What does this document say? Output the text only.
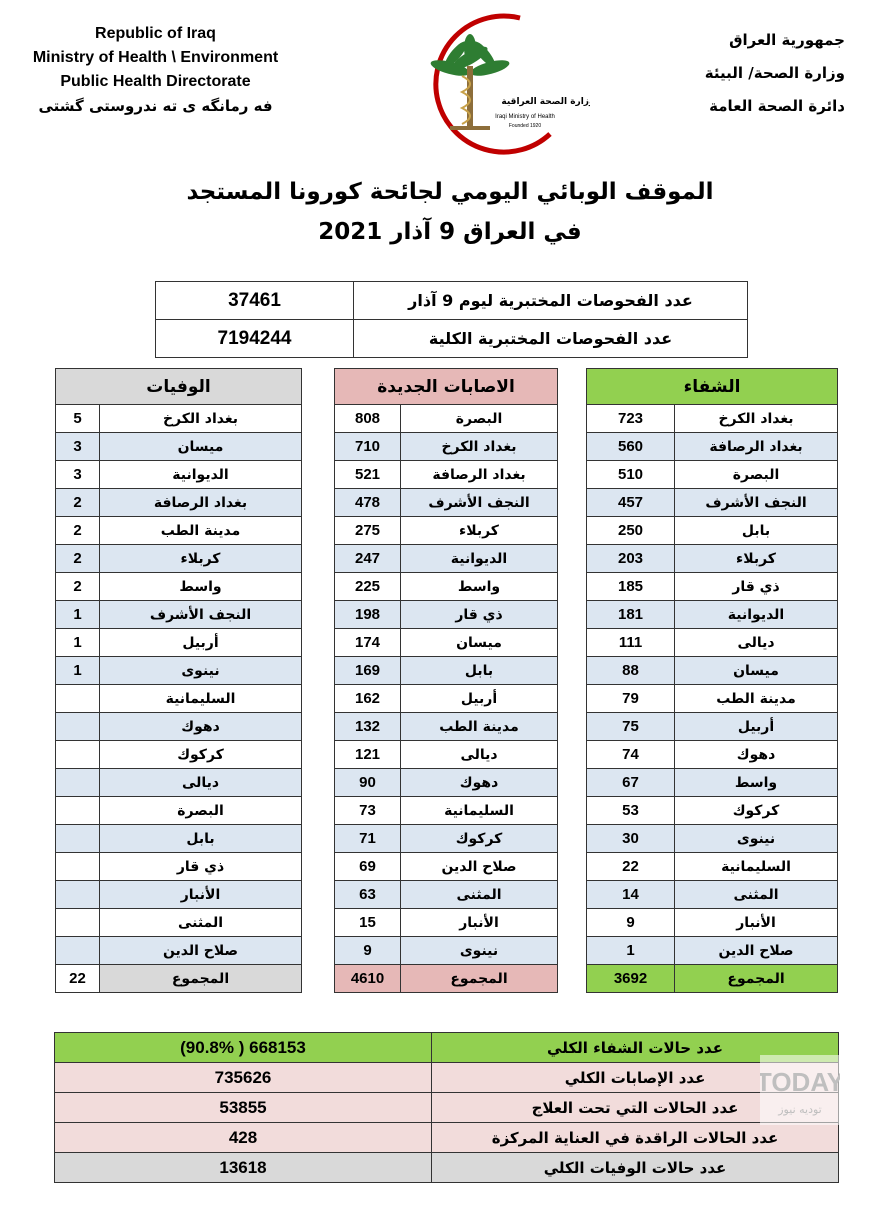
Republic of Iraq
Ministry of Health \ Environment
Public Health Directorate
فه رمانگه ى ته ندروستى گشتى
جمهورية العراق
وزارة الصحة/ البيئة
دائرة الصحة العامة
وزارة الصحة العراقية
Iraqi Ministry of Health
Founded 1920
الموقف الوبائي اليومي لجائحة كورونا المستجد
في العراق 9 آذار 2021
37461	عدد الفحوصات المختبرية ليوم 9 آذار
7194244	عدد الفحوصات المختبرية الكلية
الوفيات	
5	بغداد الكرخ
3	ميسان
3	الديوانية
2	بغداد الرصافة
2	مدينة الطب
2	كربلاء
2	واسط
1	النجف الأشرف
1	أربيل
1	نينوى
	السليمانية
	دهوك
	كركوك
	ديالى
	البصرة
	بابل
	ذي قار
	الأنبار
	المثنى
	صلاح الدين
22	المجموع
الاصابات الجديدة	
808	البصرة
710	بغداد الكرخ
521	بغداد الرصافة
478	النجف الأشرف
275	كربلاء
247	الديوانية
225	واسط
198	ذي قار
174	ميسان
169	بابل
162	أربيل
132	مدينة الطب
121	ديالى
90	دهوك
73	السليمانية
71	كركوك
69	صلاح الدين
63	المثنى
15	الأنبار
9	نينوى
4610	المجموع
الشفاء	
723	بغداد الكرخ
560	بغداد الرصافة
510	البصرة
457	النجف الأشرف
250	بابل
203	كربلاء
185	ذي قار
181	الديوانية
111	ديالى
88	ميسان
79	مدينة الطب
75	أربيل
74	دهوك
67	واسط
53	كركوك
30	نينوى
22	السليمانية
14	المثنى
9	الأنبار
1	صلاح الدين
3692	المجموع
(90.8% ) 668153	عدد حالات الشفاء الكلي
735626	عدد الإصابات الكلي
53855	عدد الحالات التي تحت العلاج
428	عدد الحالات الراقدة في العناية المركزة
13618	عدد حالات الوفيات الكلي
TODAY
توديه نيوز
